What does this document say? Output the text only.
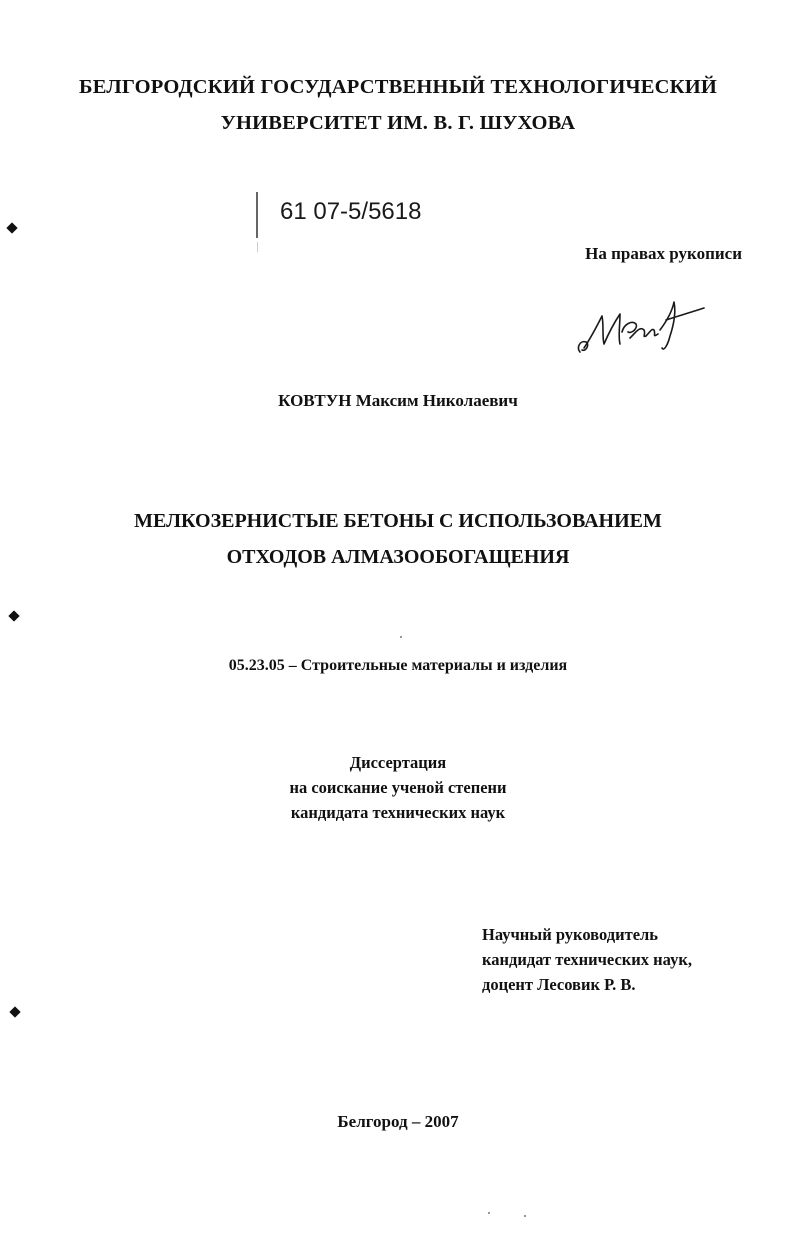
БЕЛГОРОДСКИЙ ГОСУДАРСТВЕННЫЙ ТЕХНОЛОГИЧЕСКИЙ
УНИВЕРСИТЕТ ИМ. В. Г. ШУХОВА
61 07-5/5618
На правах рукописи
КОВТУН Максим Николаевич
МЕЛКОЗЕРНИСТЫЕ БЕТОНЫ С ИСПОЛЬЗОВАНИЕМ
ОТХОДОВ АЛМАЗООБОГАЩЕНИЯ
05.23.05 – Строительные материалы и изделия
Диссертация
на соискание ученой степени
кандидата технических наук
Научный руководитель
кандидат технических наук,
доцент Лесовик Р. В.
Белгород – 2007
